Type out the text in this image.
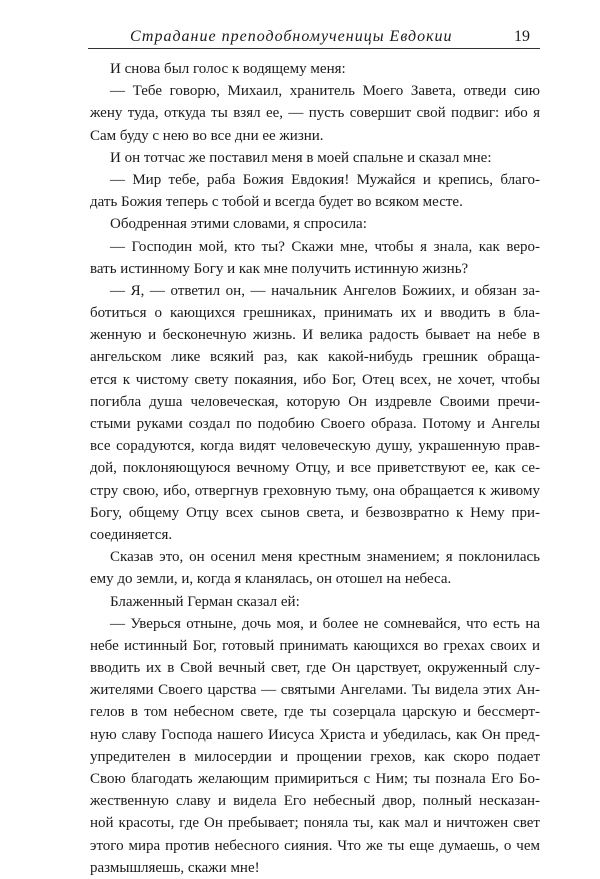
Страдание преподобномученицы Евдокии	19
И снова был голос к водящему меня:
— Тебе говорю, Михаил, хранитель Моего Завета, отведи сию
жену туда, откуда ты взял ее, — пусть совершит свой подвиг: ибо я
Сам буду с нею во все дни ее жизни.
И он тотчас же поставил меня в моей спальне и сказал мне:
— Мир тебе, раба Божия Евдокия! Мужайся и крепись, благо-
дать Божия теперь с тобой и всегда будет во всяком месте.
Ободренная этими словами, я спросила:
— Господин мой, кто ты? Скажи мне, чтобы я знала, как веро-
вать истинному Богу и как мне получить истинную жизнь?
— Я, — ответил он, — начальник Ангелов Божиих, и обязан за-
ботиться о кающихся грешниках, принимать их и вводить в бла-
женную и бесконечную жизнь. И велика радость бывает на небе в
ангельском лике всякий раз, как какой-нибудь грешник обраща-
ется к чистому свету покаяния, ибо Бог, Отец всех, не хочет, чтобы
погибла душа человеческая, которую Он издревле Своими пречи-
стыми руками создал по подобию Своего образа. Потому и Ангелы
все сорадуются, когда видят человеческую душу, украшенную прав-
дой, поклоняющуюся вечному Отцу, и все приветствуют ее, как се-
стру свою, ибо, отвергнув греховную тьму, она обращается к живому
Богу, общему Отцу всех сынов света, и безвозвратно к Нему при-
соединяется.
Сказав это, он осенил меня крестным знамением; я поклонилась
ему до земли, и, когда я кланялась, он отошел на небеса.
Блаженный Герман сказал ей:
— Уверься отныне, дочь моя, и более не сомневайся, что есть на
небе истинный Бог, готовый принимать кающихся во грехах своих и
вводить их в Свой вечный свет, где Он царствует, окруженный слу-
жителями Своего царства — святыми Ангелами. Ты видела этих Ан-
гелов в том небесном свете, где ты созерцала царскую и бессмерт-
ную славу Господа нашего Иисуса Христа и убедилась, как Он пред-
упредителен в милосердии и прощении грехов, как скоро подает
Свою благодать желающим примириться с Ним; ты познала Его Бо-
жественную славу и видела Его небесный двор, полный несказан-
ной красоты, где Он пребывает; поняла ты, как мал и ничтожен свет
этого мира против небесного сияния. Что же ты еще думаешь, о чем
размышляешь, скажи мне!
